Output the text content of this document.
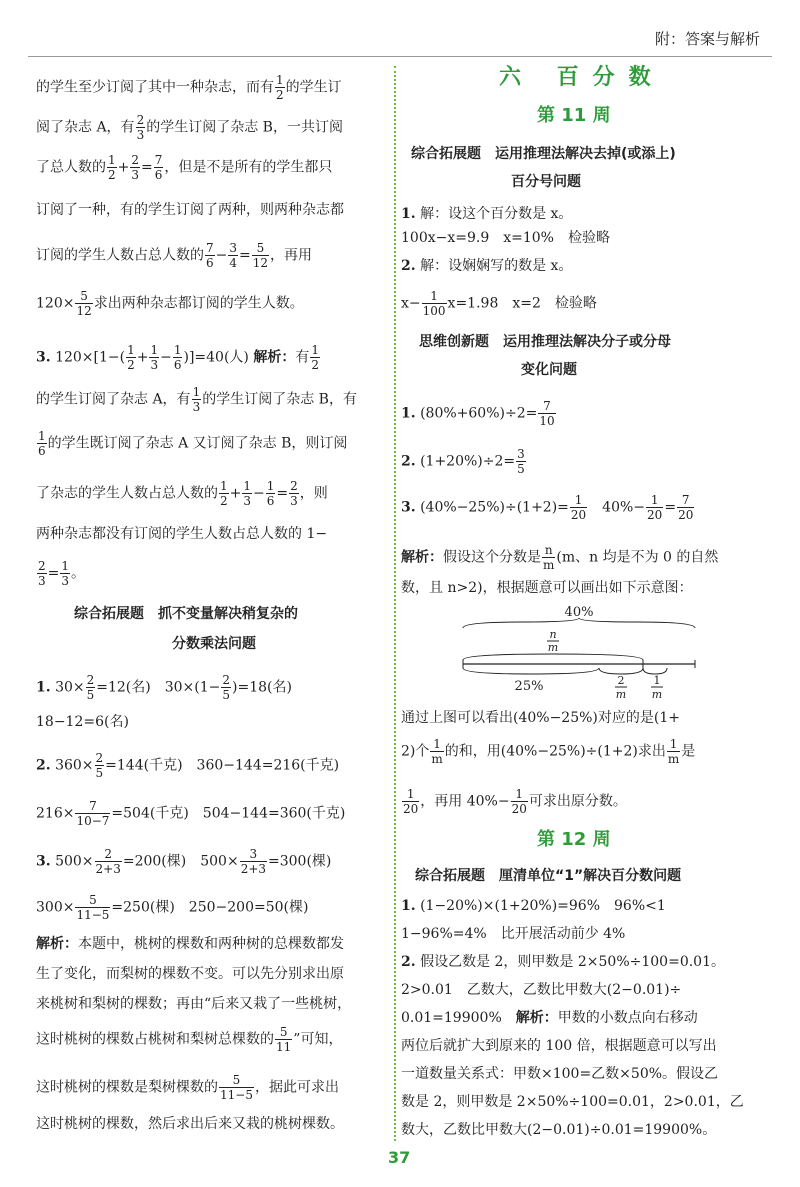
附：答案与解析
的学生至少订阅了其中一种杂志，而有 $\frac{1}{2}$ 的学生订
阅了杂志 A，有 $\frac{2}{3}$ 的学生订阅了杂志 B，一共订阅
了总人数的 $\frac{1}{2} + \frac{2}{3} = \frac{7}{6}$ ，但是不是所有的学生都只
订阅了一种，有的学生订阅了两种，则两种杂志都
订阅的学生人数占总人数的 $\frac{7}{6} - \frac{3}{4} = \frac{5}{12}$ ，再用
$120\times \frac{5}{12}$ 求出两种杂志都订阅的学生人数。
3. $120\times[1-( \frac{1}{2} + \frac{1}{3} - \frac{1}{6} )]=40$(人) 解析：有 $\frac{1}{2}$
的学生订阅了杂志 A，有 $\frac{1}{3}$ 的学生订阅了杂志 B，有
$\frac{1}{6}$ 的学生既订阅了杂志 A 又订阅了杂志 B，则订阅
了杂志的学生人数占总人数的 $\frac{1}{2} + \frac{1}{3} - \frac{1}{6} = \frac{2}{3}$ ，则
两种杂志都没有订阅的学生人数占总人数的 1−
$\frac{2}{3} = \frac{1}{3}$ 。
综合拓展题　抓不变量解决稍复杂的
分数乘法问题
1. $30\times \frac{2}{5} =12$(名)　$30\times(1- \frac{2}{5} )=18$(名)
18−12=6(名)
2. $360\times \frac{2}{5} =144$(千克)　360−144=216(千克)
$216\times \frac{7}{10-7} =504$(千克)　504−144=360(千克)
3. $500\times \frac{2}{2+3} =200$(棵)　$500\times \frac{3}{2+3} =300$(棵)
$300\times \frac{5}{11-5} =250$(棵)　250−200=50(棵)
解析：本题中，桃树的棵数和两种树的总棵数都发
生了变化，而梨树的棵数不变。可以先分别求出原
来桃树和梨树的棵数；再由“后来又栽了一些桃树，
这时桃树的棵数占桃树和梨树总棵数的 $\frac{5}{11}$ ”可知，
这时桃树的棵数是梨树棵数的 $\frac{5}{11-5}$ ，据此可求出
这时桃树的棵数，然后求出后来又栽的桃树棵数。
六 百分数
第 11 周
综合拓展题　运用推理法解决去掉(或添上)
百分号问题
1. 解：设这个百分数是 x。
100x−x=9.9　x=10%　检验略
2. 解：设娴娴写的数是 x。
$x- \frac{1}{100} x=1.98$　x=2　检验略
思维创新题　运用推理法解决分子或分母
变化问题
1. $(80\%+60\%)\div 2= \frac{7}{10}$
2. $(1+20\%)\div 2= \frac{3}{5}$
3. $(40\%-25\%)\div(1+2)= \frac{1}{20}$ 　$40\%- \frac{1}{20} = \frac{7}{20}$
解析：假设这个分数是 $\frac{n}{m} (m$、n 均是不为 0 的自然
数，且 n>2)，根据题意可以画出如下示意图：
40%
n
m
25%	2
m
1
m
通过上图可以看出(40%−25%)对应的是(1+
2)个 $\frac{1}{m}$ 的和，用(40%−25%)÷(1+2)求出 $\frac{1}{m}$ 是
$\frac{1}{20}$ ，再用 $40\%- \frac{1}{20}$ 可求出原分数。
第 12 周
综合拓展题　厘清单位“1”解决百分数问题
1. (1−20%)×(1+20%)=96%　96%<1
1−96%=4%　比开展活动前少 4%
2. 假设乙数是 2，则甲数是 2×50%÷100=0.01。
2>0.01　乙数大，乙数比甲数大(2−0.01)÷
0.01=19900%　 解析：甲数的小数点向右移动
两位后就扩大到原来的 100 倍，根据题意可以写出
一道数量关系式：甲数×100=乙数×50%。假设乙
数是 2，则甲数是 2×50%÷100=0.01，2>0.01，乙
数大，乙数比甲数大(2−0.01)÷0.01=19900%。
37
